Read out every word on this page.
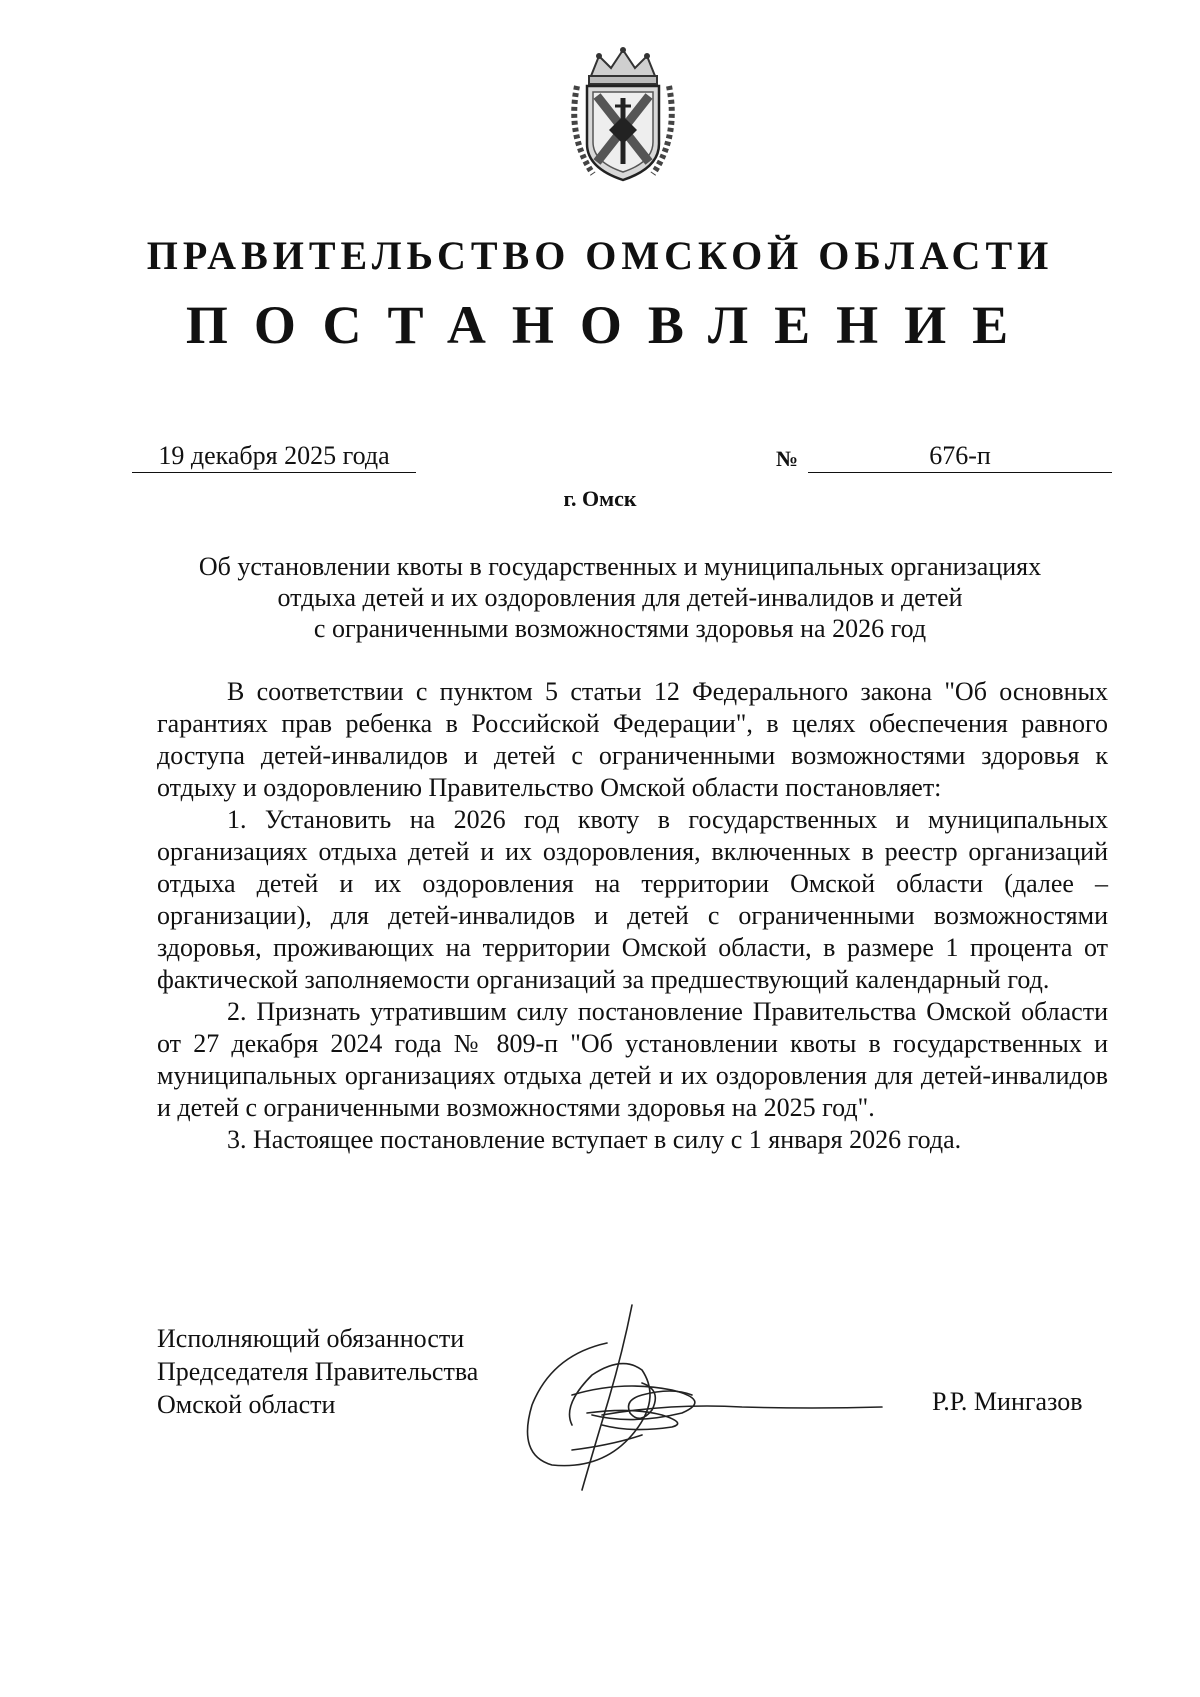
ПРАВИТЕЛЬСТВО ОМСКОЙ ОБЛАСТИ
ПОСТАНОВЛЕНИЕ
19 декабря 2025 года	№	676-п
г. Омск
Об установлении квоты в государственных и муниципальных организациях
отдыха детей и их оздоровления для детей-инвалидов и детей
с ограниченными возможностями здоровья на 2026 год

В соответствии с пунктом 5 статьи 12 Федерального закона "Об основных гарантиях прав ребенка в Российской Федерации", в целях обеспечения равного доступа детей-инвалидов и детей с ограниченными возможностями здоровья к отдыху и оздоровлению Правительство Омской области постановляет:

1. Установить на 2026 год квоту в государственных и муниципальных организациях отдыха детей и их оздоровления, включенных в реестр организаций отдыха детей и их оздоровления на территории Омской области (далее – организации), для детей-инвалидов и детей с ограниченными возможностями здоровья, проживающих на территории Омской области, в размере 1 процента от фактической заполняемости организаций за предшествующий календарный год.

2. Признать утратившим силу постановление Правительства Омской области от 27 декабря 2024 года № 809-п "Об установлении квоты в государственных и муниципальных организациях отдыха детей и их оздоровления для детей-инвалидов и детей с ограниченными возможностями здоровья на 2025 год".

3. Настоящее постановление вступает в силу с 1 января 2026 года.

Исполняющий обязанности
Председателя Правительства
Омской области	Р.Р. Мингазов
